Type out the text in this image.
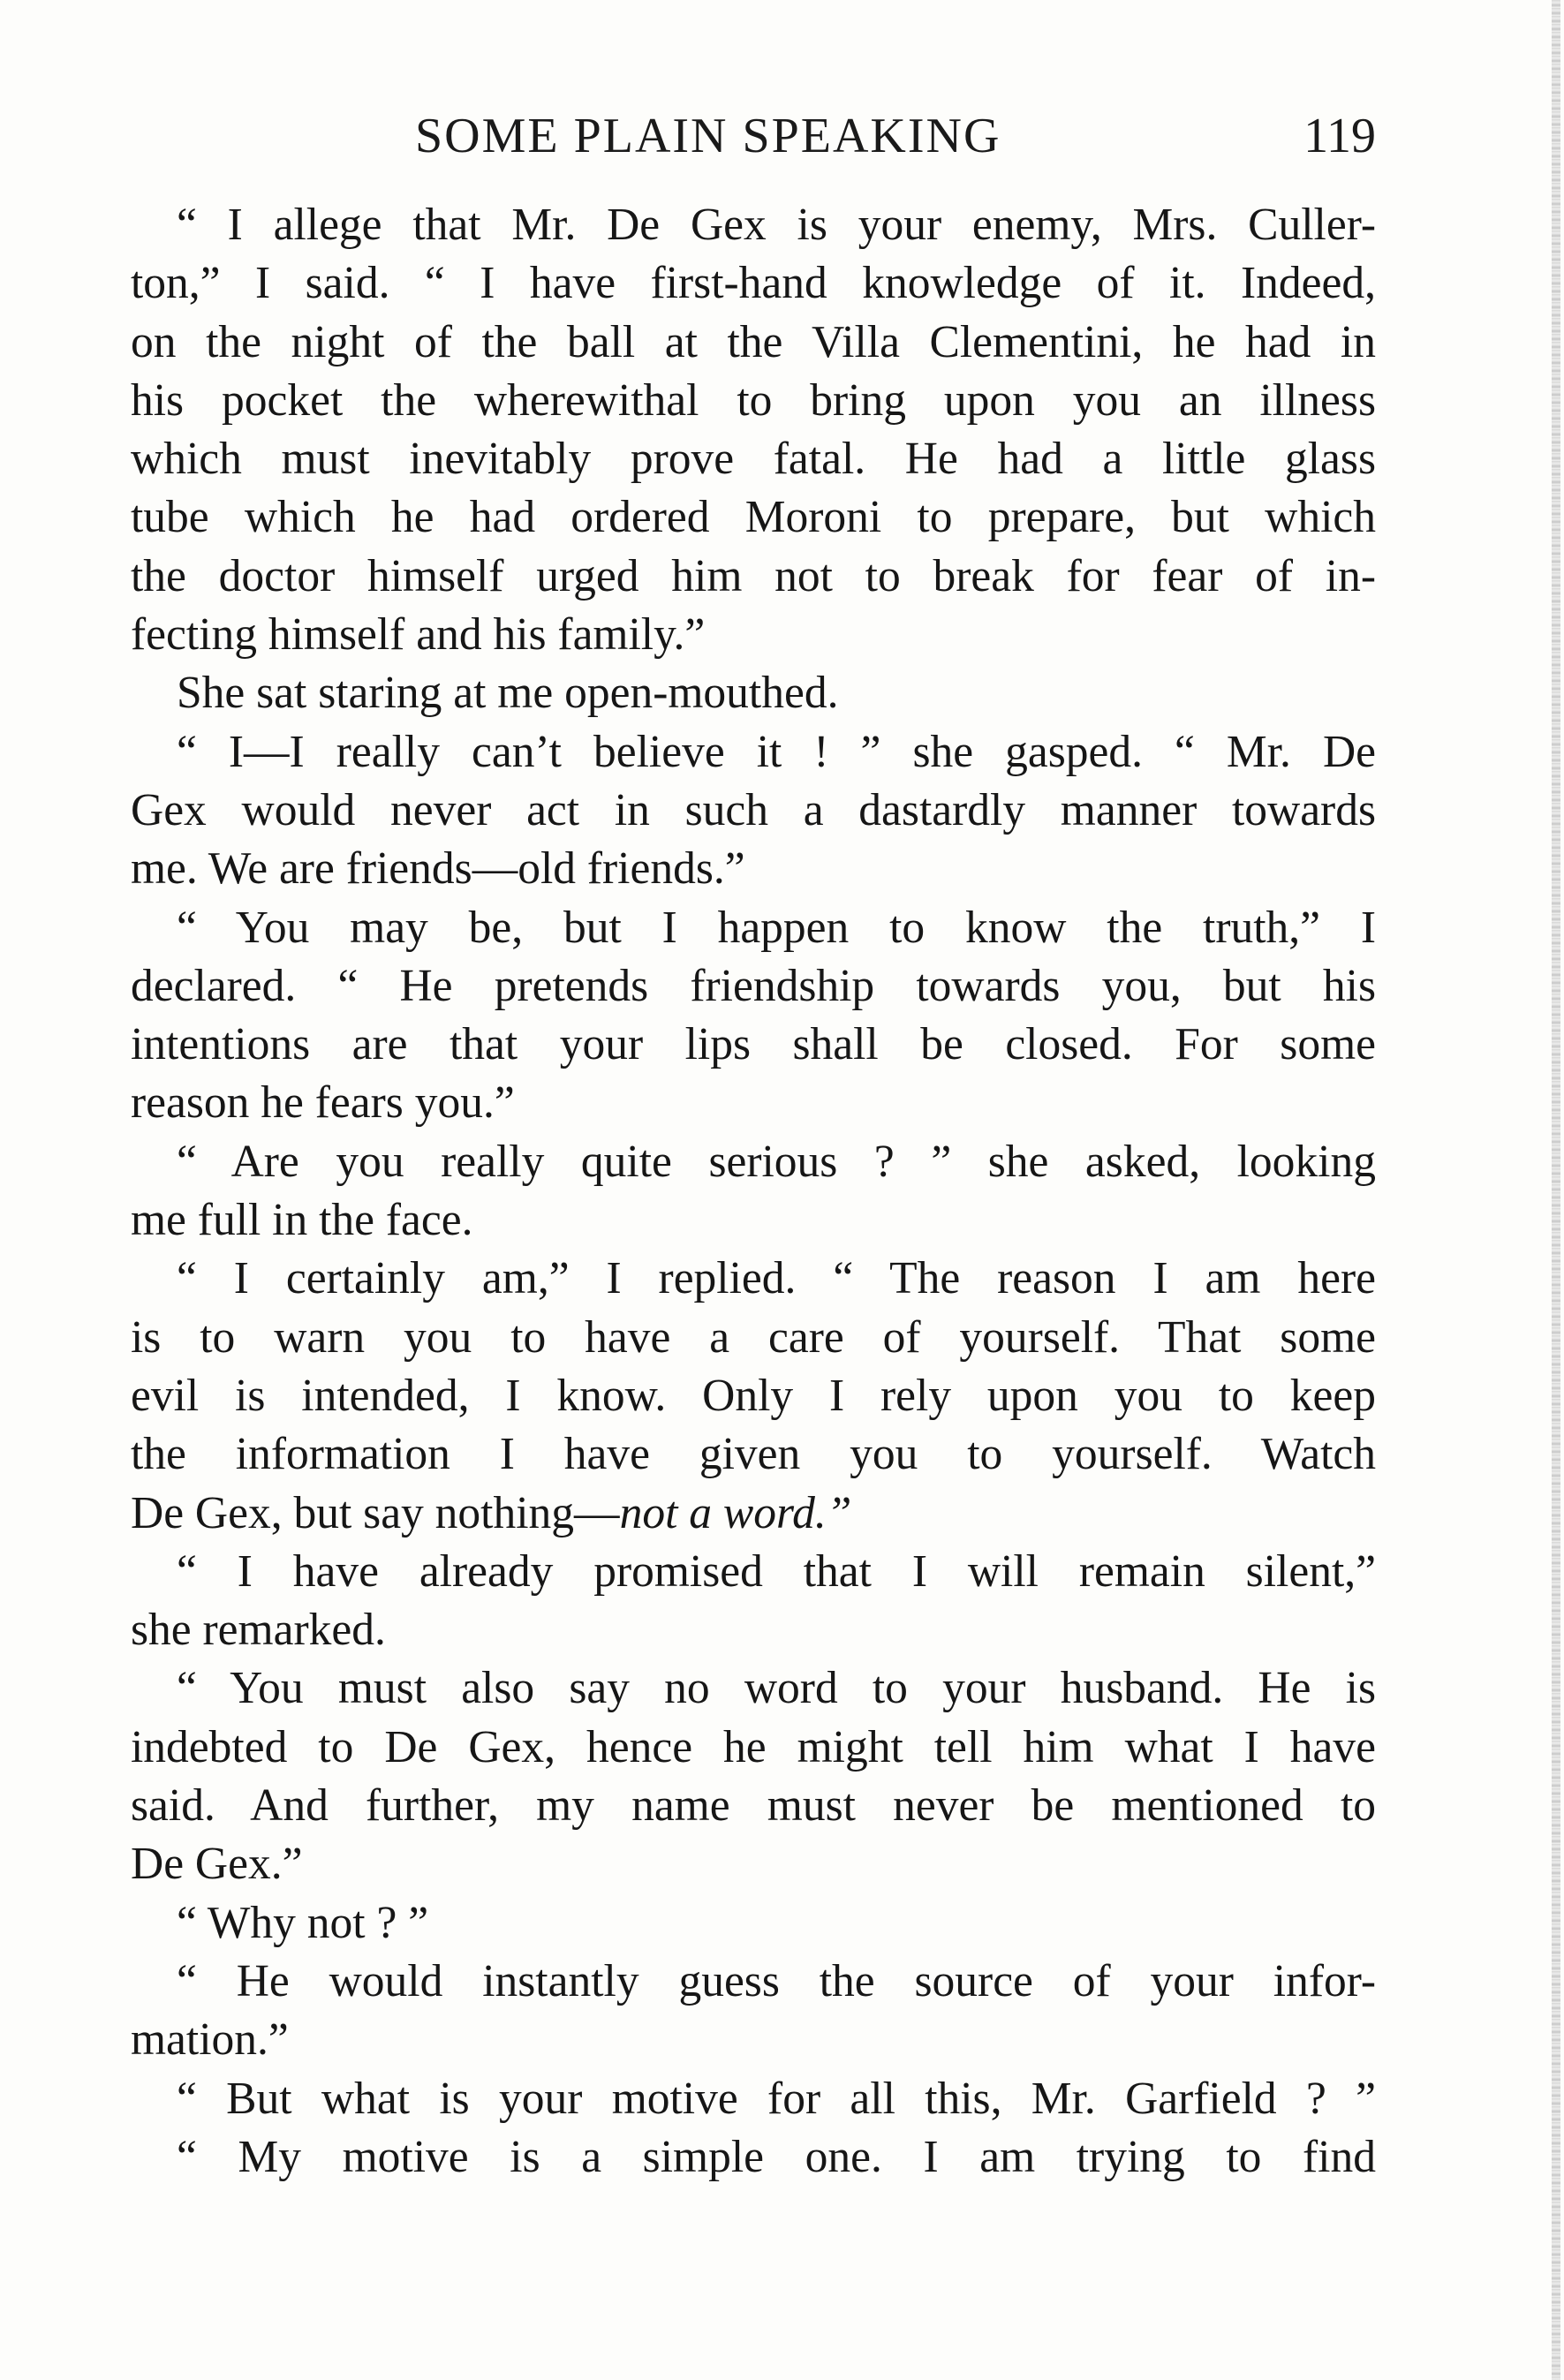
SOME PLAIN SPEAKING	119
“ I allege that Mr. De Gex is your enemy, Mrs. Culler-
ton,” I said. “ I have first-hand knowledge of it. Indeed,
on the night of the ball at the Villa Clementini, he had in
his pocket the wherewithal to bring upon you an illness
which must inevitably prove fatal. He had a little glass
tube which he had ordered Moroni to prepare, but which
the doctor himself urged him not to break for fear of in-
fecting himself and his family.”
She sat staring at me open-mouthed.
“ I—I really can’t believe it ! ” she gasped. “ Mr. De
Gex would never act in such a dastardly manner towards
me. We are friends—old friends.”
“ You may be, but I happen to know the truth,” I
declared. “ He pretends friendship towards you, but his
intentions are that your lips shall be closed. For some
reason he fears you.”
“ Are you really quite serious ? ” she asked, looking
me full in the face.
“ I certainly am,” I replied. “ The reason I am here
is to warn you to have a care of yourself. That some
evil is intended, I know. Only I rely upon you to keep
the information I have given you to yourself. Watch
De Gex, but say nothing—not a word.”
“ I have already promised that I will remain silent,”
she remarked.
“ You must also say no word to your husband. He is
indebted to De Gex, hence he might tell him what I have
said. And further, my name must never be mentioned to
De Gex.”
“ Why not ? ”
“ He would instantly guess the source of your infor-
mation.”
“ But what is your motive for all this, Mr. Garfield ? ”
“ My motive is a simple one. I am trying to find
